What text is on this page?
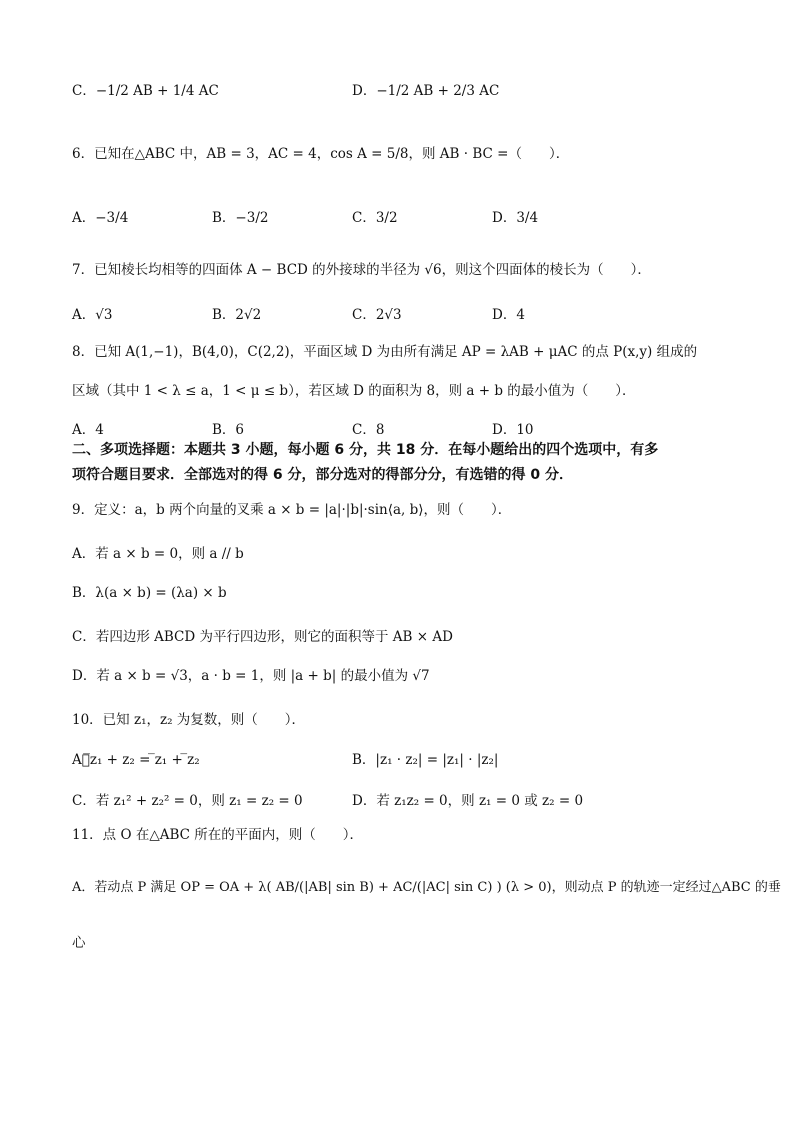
C．−1/2 AB + 1/4 AC	D．−1/2 AB + 2/3 AC
6．已知在△ABC 中，AB = 3，AC = 4，cos A = 5/8，则 AB · BC =（　　）．
A．−3/4	B．−3/2	C．3/2	D．3/4
7．已知棱长均相等的四面体 A − BCD 的外接球的半径为 √6，则这个四面体的棱长为（　　）．
A．√3	B．2√2	C．2√3	D．4
8．已知 A(1,−1)，B(4,0)，C(2,2)，平面区域 D 为由所有满足 AP = λAB + μAC 的点 P(x,y) 组成的
区域（其中 1 < λ ≤ a，1 < μ ≤ b），若区域 D 的面积为 8，则 a + b 的最小值为（　　）．
A．4	B．6	C．8	D．10
二、多项选择题：本题共 3 小题，每小题 6 分，共 18 分．在每小题给出的四个选项中，有多
项符合题目要求．全部选对的得 6 分，部分选对的得部分分，有选错的得 0 分．
9．定义：a，b 两个向量的叉乘 a × b = |a|·|b|·sin⟨a, b⟩，则（　　）．
A．若 a × b = 0，则 a // b
B．λ(a × b) = (λa) × b
C．若四边形 ABCD 为平行四边形，则它的面积等于 AB × AD
D．若 a × b = √3，a · b = 1，则 |a + b| 的最小值为 √7
10．已知 z₁，z₂ 为复数，则（　　）．
A．̅z₁ + z₂ = ̅z₁ + ̅z₂	B．|z₁ · z₂| = |z₁| · |z₂|
C．若 z₁² + z₂² = 0，则 z₁ = z₂ = 0	D．若 z₁z₂ = 0，则 z₁ = 0 或 z₂ = 0
11．点 O 在△ABC 所在的平面内，则（　　）．
A．若动点 P 满足 OP = OA + λ( AB/(|AB| sin B) + AC/(|AC| sin C) ) (λ > 0)，则动点 P 的轨迹一定经过△ABC 的垂
心
